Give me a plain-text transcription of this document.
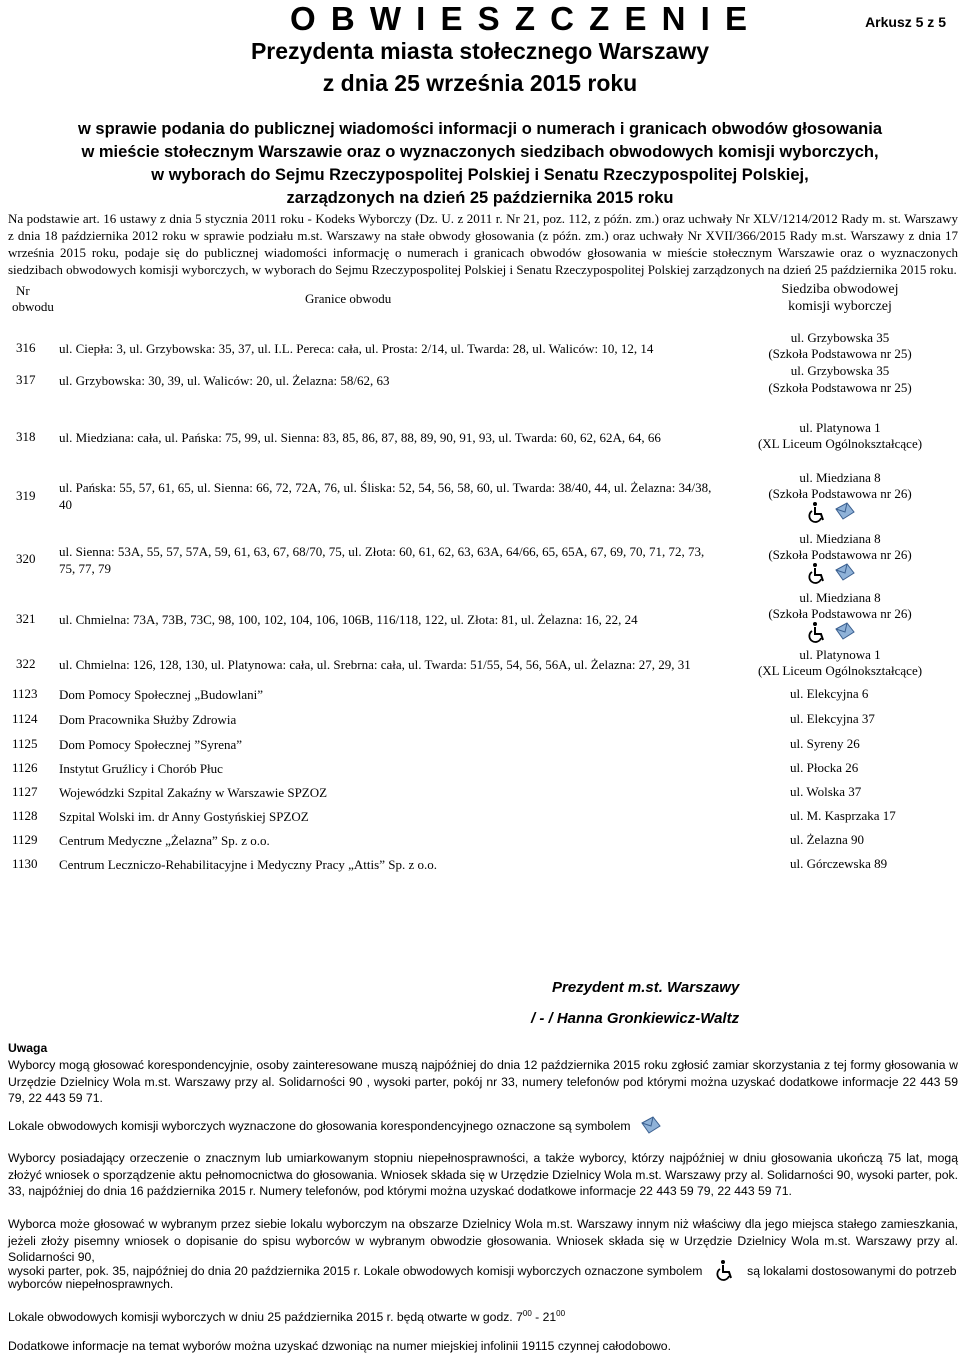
O B W I E S Z C Z E N I E	Arkusz 5 z 5
Prezydenta miasta stołecznego Warszawy
z dnia 25 września 2015 roku
w sprawie podania do publicznej wiadomości informacji o numerach i granicach obwodów głosowania
w mieście stołecznym Warszawie oraz o wyznaczonych siedzibach obwodowych komisji wyborczych,
w wyborach do Sejmu Rzeczypospolitej Polskiej i Senatu Rzeczypospolitej Polskiej,
zarządzonych na dzień 25 października 2015 roku
Na podstawie art. 16 ustawy z dnia 5 stycznia 2011 roku - Kodeks Wyborczy (Dz. U. z 2011 r. Nr 21, poz. 112, z późn. zm.) oraz uchwały Nr XLV/1214/2012 Rady m. st. Warszawy z dnia 18 października 2012 roku w sprawie podziału m.st. Warszawy na stałe obwody głosowania (z późn. zm.) oraz uchwały Nr XVII/366/2015 Rady m.st. Warszawy z dnia 17 września 2015 roku, podaje się do publicznej wiadomości informację o numerach i granicach obwodów głosowania w mieście stołecznym Warszawie oraz o wyznaczonych siedzibach obwodowych komisji wyborczych, w wyborach do Sejmu Rzeczypospolitej Polskiej i Senatu Rzeczypospolitej Polskiej zarządzonych na dzień 25 października 2015 roku.
Nr
obwodu
Granice obwodu
Siedziba obwodowej
komisji wyborczej
316 ul. Ciepła: 3, ul. Grzybowska: 35, 37, ul. I.L. Pereca: cała, ul. Prosta: 2/14, ul. Twarda: 28, ul. Waliców: 10, 12, 14
ul. Grzybowska 35
(Szkoła Podstawowa nr 25)
317 ul. Grzybowska: 30, 39, ul. Waliców: 20, ul. Żelazna: 58/62, 63
ul. Grzybowska 35
(Szkoła Podstawowa nr 25)
318 ul. Miedziana: cała, ul. Pańska: 75, 99, ul. Sienna: 83, 85, 86, 87, 88, 89, 90, 91, 93, ul. Twarda: 60, 62, 62A, 64, 66
ul. Platynowa 1
(XL Liceum Ogólnokształcące)
319
ul. Pańska: 55, 57, 61, 65, ul. Sienna: 66, 72, 72A, 76, ul. Śliska: 52, 54, 56, 58, 60, ul. Twarda: 38/40, 44, ul. Żelazna: 34/38, 40
ul. Miedziana 8
(Szkoła Podstawowa nr 26)
320 ul. Sienna: 53A, 55, 57, 57A, 59, 61, 63, 67, 68/70, 75, ul. Złota: 60, 61, 62, 63, 63A, 64/66, 65, 65A, 67, 69, 70, 71, 72, 73, 75, 77, 79
ul. Miedziana 8
(Szkoła Podstawowa nr 26)
321 ul. Chmielna: 73A, 73B, 73C, 98, 100, 102, 104, 106, 106B, 116/118, 122, ul. Złota: 81, ul. Żelazna: 16, 22, 24
ul. Miedziana 8
(Szkoła Podstawowa nr 26)
322 ul. Chmielna: 126, 128, 130, ul. Platynowa: cała, ul. Srebrna: cała, ul. Twarda: 51/55, 54, 56, 56A, ul. Żelazna: 27, 29, 31
ul. Platynowa 1
(XL Liceum Ogólnokształcące)
1123 Dom Pomocy Społecznej „Budowlani”	ul. Elekcyjna 6
1124 Dom Pracownika Służby Zdrowia	ul. Elekcyjna 37
1125 Dom Pomocy Społecznej ”Syrena”	ul. Syreny 26
1126 Instytut Gruźlicy i Chorób Płuc	ul. Płocka 26
1127 Wojewódzki Szpital Zakaźny w Warszawie SPZOZ	ul. Wolska 37
1128 Szpital Wolski im. dr Anny Gostyńskiej SPZOZ	ul. M. Kasprzaka 17
1129 Centrum Medyczne „Żelazna” Sp. z o.o.	ul. Żelazna 90
1130 Centrum Leczniczo-Rehabilitacyjne i Medyczny Pracy „Attis” Sp. z o.o.	ul. Górczewska 89
Prezydent m.st. Warszawy
/ - / Hanna Gronkiewicz-Waltz
Uwaga
Wyborcy mogą głosować korespondencyjnie, osoby zainteresowane muszą najpóźniej do dnia 12 października 2015 roku zgłosić zamiar skorzystania z tej formy głosowania w Urzędzie Dzielnicy Wola m.st. Warszawy przy al. Solidarności 90 , wysoki parter, pokój nr 33, numery telefonów pod którymi można uzyskać dodatkowe informacje 22 443 59 79, 22 443 59 71.
Lokale obwodowych komisji wyborczych wyznaczone do głosowania korespondencyjnego oznaczone są symbolem
Wyborcy posiadający orzeczenie o znacznym lub umiarkowanym stopniu niepełnosprawności, a także wyborcy, którzy najpóźniej w dniu głosowania ukończą 75 lat, mogą złożyć wniosek o sporządzenie aktu pełnomocnictwa do głosowania. Wniosek składa się w Urzędzie Dzielnicy Wola m.st. Warszawy przy al. Solidarności 90, wysoki parter, pok. 33, najpóźniej do dnia 16 października 2015 r. Numery telefonów, pod którymi można uzyskać dodatkowe informacje 22 443 59 79, 22 443 59 71.
Wyborca może głosować w wybranym przez siebie lokalu wyborczym na obszarze Dzielnicy Wola m.st. Warszawy innym niż właściwy dla jego miejsca stałego zamieszkania, jeżeli złoży pisemny wniosek o dopisanie do spisu wyborców w wybranym obwodzie głosowania. Wniosek składa się w Urzędzie Dzielnicy Wola m.st. Warszawy przy al. Solidarności 90,
wysoki parter, pok. 35, najpóźniej do dnia 20 października 2015 r. Lokale obwodowych komisji wyborczych oznaczone symbolem	są lokalami dostosowanymi do potrzeb
wyborców niepełnosprawnych.
Lokale obwodowych komisji wyborczych w dniu 25 października 2015 r. będą otwarte w godz. $7^{00} - 21^{00}$
Dodatkowe informacje na temat wyborów można uzyskać dzwoniąc na numer miejskiej infolinii 19115 czynnej całodobowo.
